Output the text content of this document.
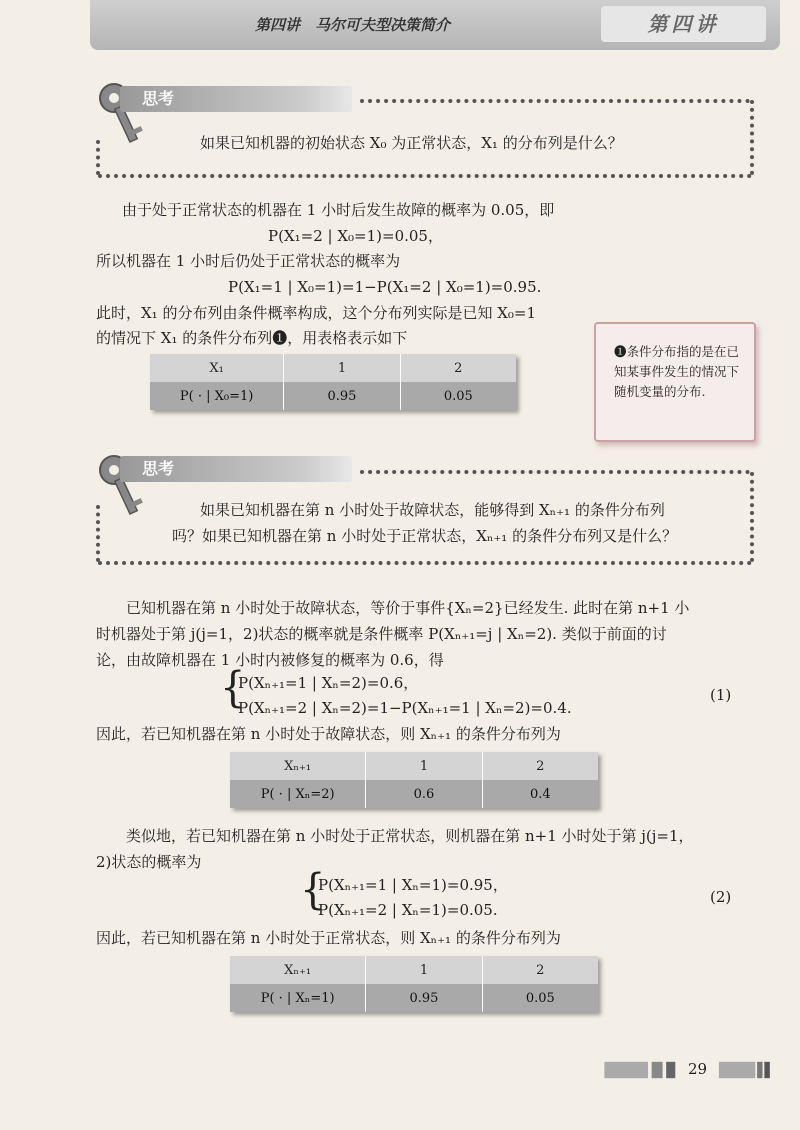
第四讲　马尔可夫型决策简介	第四讲
思考
如果已知机器的初始状态 X₀ 为正常状态，X₁ 的分布列是什么？
由于处于正常状态的机器在 1 小时后发生故障的概率为 0.05，即
P(X₁=2 | X₀=1)=0.05，
所以机器在 1 小时后仍处于正常状态的概率为
P(X₁=1 | X₀=1)=1−P(X₁=2 | X₀=1)=0.95.
此时，X₁ 的分布列由条件概率构成，这个分布列实际是已知 X₀=1
的情况下 X₁ 的条件分布列❶，用表格表示如下
X₁	1	2
P( · | X₀=1)	0.95	0.05

❶条件分布指的是在已知某事件发生的情况下随机变量的分布.

思考
如果已知机器在第 n 小时处于故障状态，能够得到 Xₙ₊₁ 的条件分布列
吗？如果已知机器在第 n 小时处于正常状态，Xₙ₊₁ 的条件分布列又是什么？
已知机器在第 n 小时处于故障状态，等价于事件{Xₙ=2}已经发生. 此时在第 n+1 小
时机器处于第 j(j=1，2)状态的概率就是条件概率 P(Xₙ₊₁=j | Xₙ=2). 类似于前面的讨
论，由故障机器在 1 小时内被修复的概率为 0.6，得
{
P(Xₙ₊₁=1 | Xₙ=2)=0.6，
P(Xₙ₊₁=2 | Xₙ=2)=1−P(Xₙ₊₁=1 | Xₙ=2)=0.4.
(1)
因此，若已知机器在第 n 小时处于故障状态，则 Xₙ₊₁ 的条件分布列为
Xₙ₊₁	1	2
P( · | Xₙ=2)	0.6	0.4
类似地，若已知机器在第 n 小时处于正常状态，则机器在第 n+1 小时处于第 j(j=1，
2)状态的概率为
{
P(Xₙ₊₁=1 | Xₙ=1)=0.95，
P(Xₙ₊₁=2 | Xₙ=1)=0.05.
(2)
因此，若已知机器在第 n 小时处于正常状态，则 Xₙ₊₁ 的条件分布列为
Xₙ₊₁	1	2
P( · | Xₙ=1)	0.95	0.05
29
